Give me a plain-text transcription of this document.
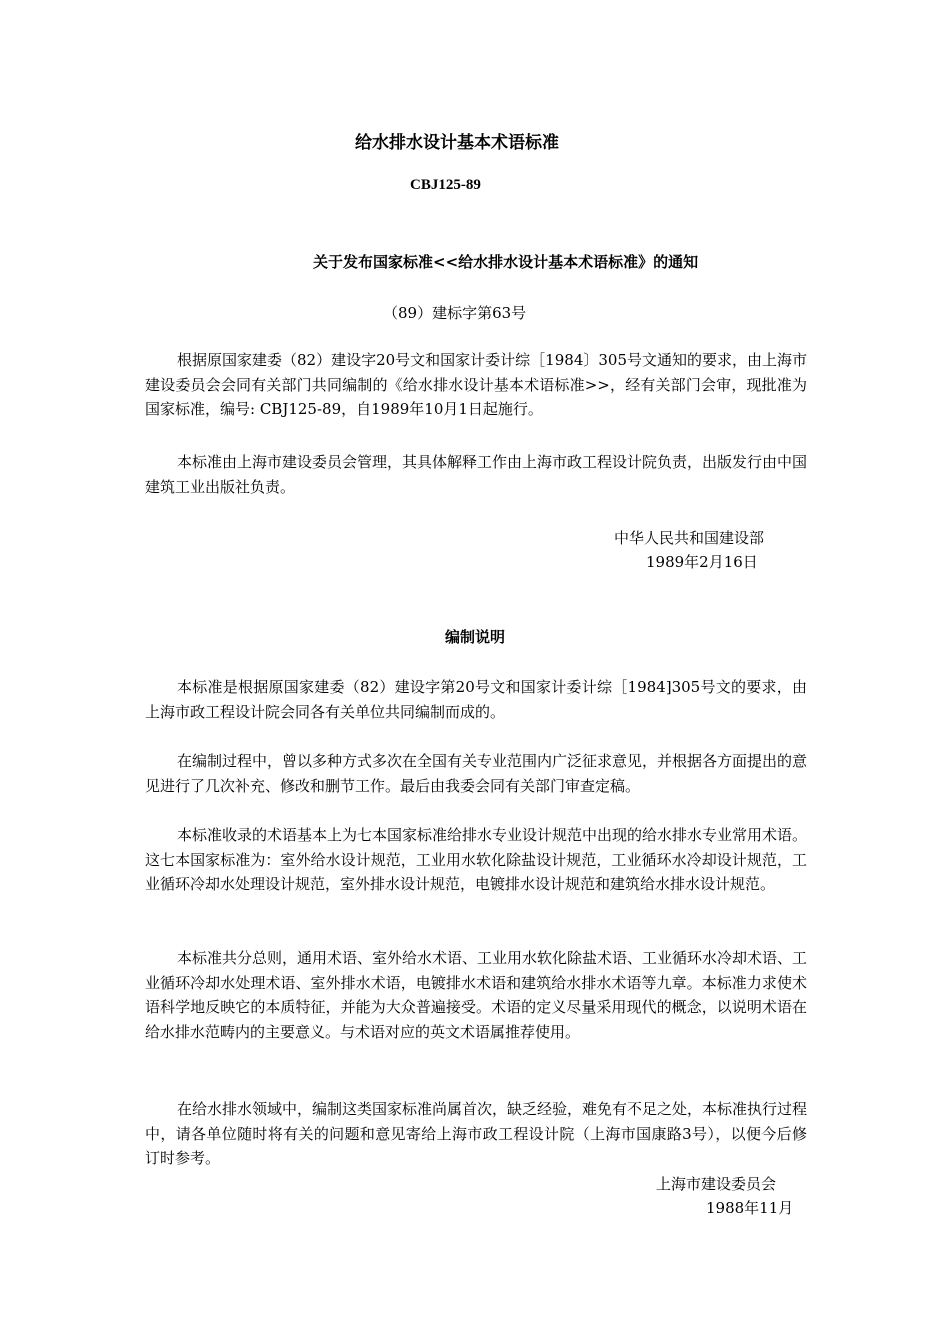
给水排水设计基本术语标准
CBJ125-89
关于发布国家标准<<给水排水设计基本术语标准》的通知
（89）建标字第63号
根据原国家建委（82）建设字20号文和国家计委计综［1984〕305号文通知的要求，由上海市建设委员会会同有关部门共同编制的《给水排水设计基本术语标准>>，经有关部门会审，现批准为国家标准，编号: CBJ125-89，自1989年10月1日起施行。
本标准由上海市建设委员会管理，其具体解释工作由上海市政工程设计院负责，出版发行由中国建筑工业出版社负责。
中华人民共和国建设部
1989年2月16日
编制说明
本标准是根据原国家建委（82）建设字第20号文和国家计委计综［1984]305号文的要求，由上海市政工程设计院会同各有关单位共同编制而成的。
在编制过程中，曾以多种方式多次在全国有关专业范围内广泛征求意见，并根据各方面提出的意见进行了几次补充、修改和删节工作。最后由我委会同有关部门审查定稿。
本标准收录的术语基本上为七本国家标准给排水专业设计规范中出现的给水排水专业常用术语。这七本国家标准为：室外给水设计规范，工业用水软化除盐设计规范，工业循环水冷却设计规范，工业循环冷却水处理设计规范，室外排水设计规范，电镀排水设计规范和建筑给水排水设计规范。
本标准共分总则，通用术语、室外给水术语、工业用水软化除盐术语、工业循环水冷却术语、工业循环冷却水处理术语、室外排水术语，电镀排水术语和建筑给水排水术语等九章。本标准力求使术语科学地反映它的本质特征，并能为大众普遍接受。术语的定义尽量采用现代的概念，以说明术语在给水排水范畴内的主要意义。与术语对应的英文术语属推荐使用。
在给水排水领域中，编制这类国家标准尚属首次，缺乏经验，难免有不足之处，本标准执行过程中，请各单位随时将有关的问题和意见寄给上海市政工程设计院（上海市国康路3号），以便今后修订时参考。
上海市建设委员会
1988年11月
